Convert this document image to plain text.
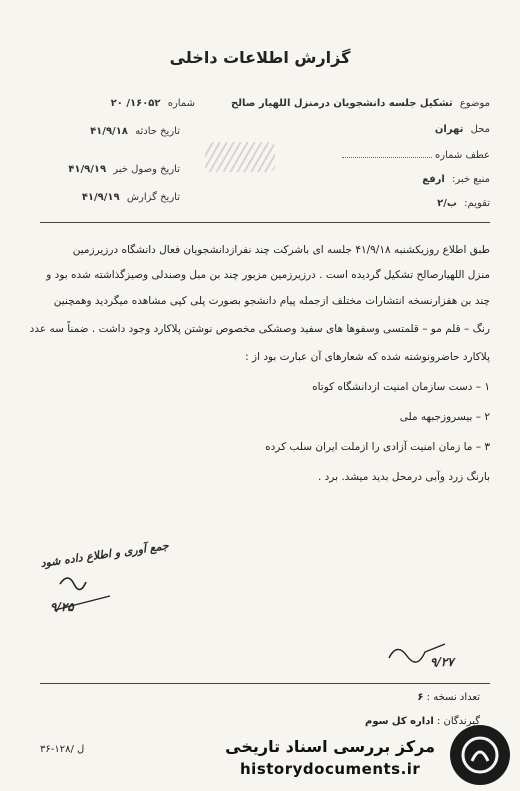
گزارش اطلاعات داخلی
موضوع تشکیل جلسه دانشجویان درمنزل اللهیار صالح
محل تهران
عطف شماره
منبع خبر: ارفع
تقویم: ب/۲
شماره ۱۶۰۵۲/ ۲۰
تاریخ حادثه ۴۱/۹/۱۸
تاریخ وصول خبر ۴۱/۹/۱۹
تاریخ گزارش ۴۱/۹/۱۹
طبق اطلاع روزیکشنبه ۴۱/۹/۱۸ جلسه ای باشرکت چند نفرازدانشجویان فعال دانشگاه درزیرزمین
منزل اللهیارصالح تشکیل گردیده است . درزیرزمین مزبور چند بن مبل وصندلی وصیزگذاشته شده بود و
چند بن هفزارنسخه انتشارات مختلف ازجمله پیام دانشجو بصورت پلی کپی مشاهده میگردید وهمچنین
رنگ – قلم مو – قلمتسی وسفوها های سفید وصشکی مخصوص نوشتن پلاکارد وجود داشت . ضمناً سه عدد
پلاکارد حاضرونوشته شده که شعارهای آن عبارت بود از :
۱ – دست سازمان امنیت ازدانشگاه کوتاه
۲ – بیسروزجبهه ملی
۳ – ما زمان امنیت آزادی را ازملت ایران سلب کرده
بارنگ زرد وآبی درمحل بدید میشد. برد .
جمع آوری و اطلاع داده شود
۹/۲۵
۹/۲۷
تعداد نسخه : ۶
گیرندگان : اداره کل سوم
۳۶-۱۲۸/ ل	مرکز بررسی اسناد تاریخی
historydocuments.ir
